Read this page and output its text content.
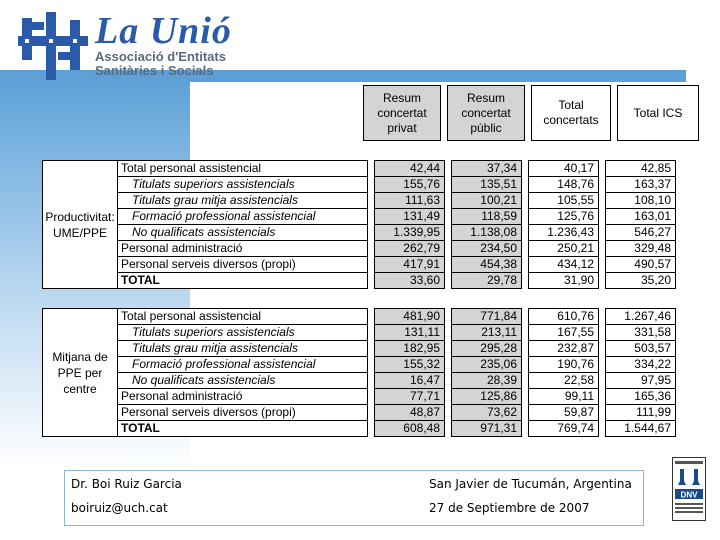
La Unió
Associació d'Entitats
Sanitàries i Socials
Resum
concertat
privat

Resum
concertat
públic

Total
concertats
		Total ICS
Productivitat:
UME/PPE	Total personal assistencial		42,44		37,34		40,17		42,85
	Titulats superiors assistencials		155,76		135,51		148,76		163,37
	Titulats grau mitja assistencials		111,63		100,21		105,55		108,10
	Formació professional assistencial		131,49		118,59		125,76		163,01
	No qualificats assistencials		1.339,95		1.138,08		1.236,43		546,27
	Personal administració		262,79		234,50		250,21		329,48
	Personal serveis diversos (propi)		417,91		454,38		434,12		490,57
	TOTAL		33,60		29,78		31,90		35,20
Mitjana de
PPE per
centre	Total personal assistencial		481,90		771,84		610,76		1.267,46
	Titulats superiors assistencials		131,11		213,11		167,55		331,58
	Titulats grau mitja assistencials		182,95		295,28		232,87		503,57
	Formació professional assistencial		155,32		235,06		190,76		334,22
	No qualificats assistencials		16,47		28,39		22,58		97,95
	Personal administració		77,71		125,86		99,11		165,36
	Personal serveis diversos (propi)		48,87		73,62		59,87		111,99
	TOTAL		608,48		971,31		769,74		1.544,67
Dr. Boi Ruiz Garcia
boiruiz@uch.cat
San Javier de Tucumán, Argentina
27 de Septiembre de 2007
DNV
